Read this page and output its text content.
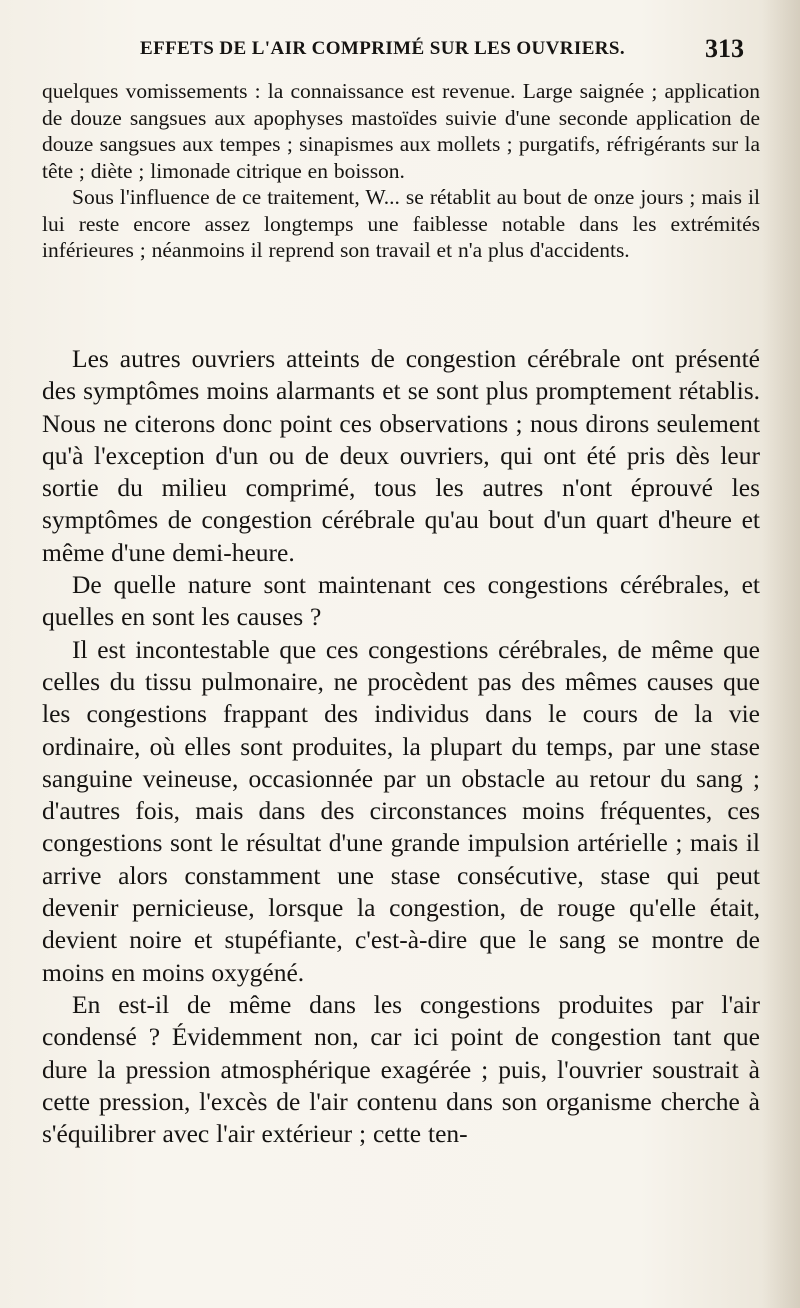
EFFETS DE L'AIR COMPRIMÉ SUR LES OUVRIERS.	313

quelques vomissements : la connaissance est revenue. Large saignée ; application de douze sangsues aux apophyses mastoïdes suivie d'une seconde application de douze sangsues aux tempes ; sinapismes aux mollets ; purgatifs, réfrigérants sur la tête ; diète ; limonade citrique en boisson.

Sous l'influence de ce traitement, W... se rétablit au bout de onze jours ; mais il lui reste encore assez longtemps une faiblesse notable dans les extrémités inférieures ; néanmoins il reprend son travail et n'a plus d'accidents.

Les autres ouvriers atteints de congestion cérébrale ont présenté des symptômes moins alarmants et se sont plus promptement rétablis. Nous ne citerons donc point ces observations ; nous dirons seulement qu'à l'exception d'un ou de deux ouvriers, qui ont été pris dès leur sortie du milieu comprimé, tous les autres n'ont éprouvé les symptômes de congestion cérébrale qu'au bout d'un quart d'heure et même d'une demi-heure.

De quelle nature sont maintenant ces congestions cérébrales, et quelles en sont les causes ?

Il est incontestable que ces congestions cérébrales, de même que celles du tissu pulmonaire, ne procèdent pas des mêmes causes que les congestions frappant des individus dans le cours de la vie ordinaire, où elles sont produites, la plupart du temps, par une stase sanguine veineuse, occasionnée par un obstacle au retour du sang ; d'autres fois, mais dans des circonstances moins fréquentes, ces congestions sont le résultat d'une grande impulsion artérielle ; mais il arrive alors constamment une stase consécutive, stase qui peut devenir pernicieuse, lorsque la congestion, de rouge qu'elle était, devient noire et stupéfiante, c'est-à-dire que le sang se montre de moins en moins oxygéné.

En est-il de même dans les congestions produites par l'air condensé ? Évidemment non, car ici point de congestion tant que dure la pression atmosphérique exagérée ; puis, l'ouvrier soustrait à cette pression, l'excès de l'air contenu dans son organisme cherche à s'équilibrer avec l'air extérieur ; cette ten-
